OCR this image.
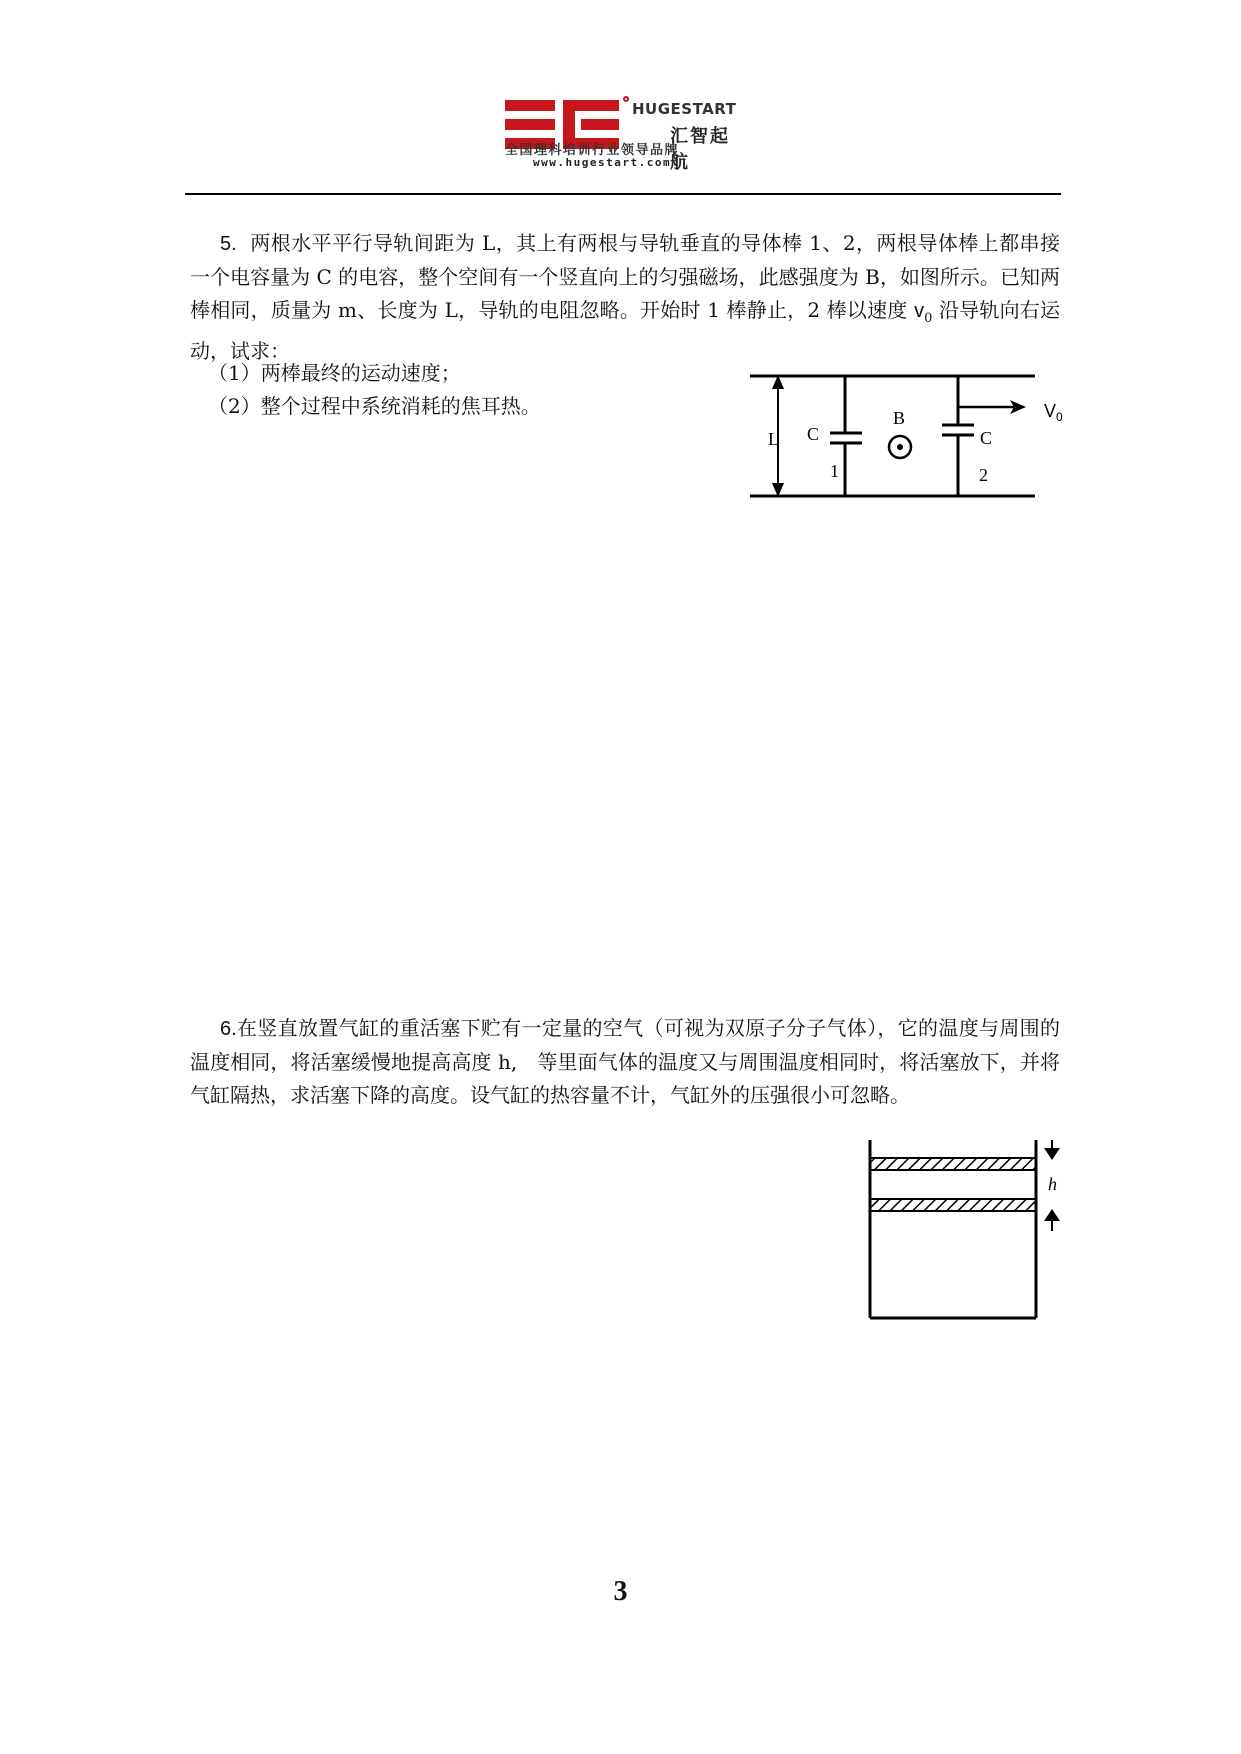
HUGESTART
汇智起航
全国理科培训行业领导品牌
www.hugestart.com

5. 两根水平平行导轨间距为 L，其上有两根与导轨垂直的导体棒 1、2，两根导体棒上都串接一个电容量为 C 的电容，整个空间有一个竖直向上的匀强磁场，此感强度为 B，如图所示。已知两棒相同，质量为 m、长度为 L，导轨的电阻忽略。开始时 1 棒静止，2 棒以速度 $v_0$ 沿导轨向右运动，试求：

（1）两棒最终的运动速度；
（2）整个过程中系统消耗的焦耳热。
L C	C
B
1	2
$V_0$

6.在竖直放置气缸的重活塞下贮有一定量的空气（可视为双原子分子气体），它的温度与周围的温度相同，将活塞缓慢地提高高度 h,　等里面气体的温度又与周围温度相同时，将活塞放下，并将气缸隔热，求活塞下降的高度。设气缸的热容量不计，气缸外的压强很小可忽略。

h
3
